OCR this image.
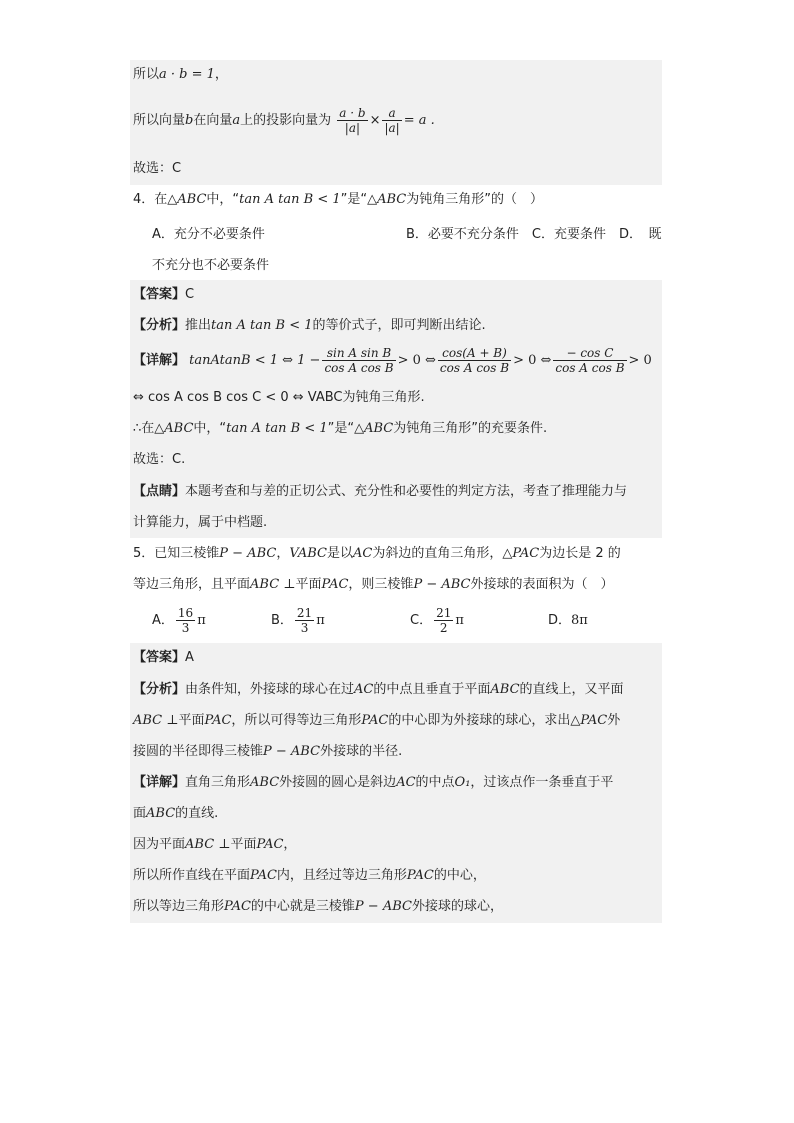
所以a · b = 1，
所以向量b在向量a上的投影向量为 $\frac{a \cdot b}{|a|} \times \frac{a}{|a|} = a$ .
故选：C
4．在△ABC中，“tan A tan B < 1”是“△ABC为钝角三角形”的（　）
A．充分不必要条件	B．必要不充分条件　C．充要条件　D．　既
不充分也不必要条件
【答案】C
【分析】推出tan A tan B < 1的等价式子，即可判断出结论.
【详解】 tanAtanB < 1 ⇔ $1 - \frac{\text{sin A sin B}}{\text{cos A cos B}} > 0$ ⇔ $\frac{\cos(A + B)}{\text{cos A cos B}} > 0$ ⇔ $\frac{\text{− cos C}}{\text{cos A cos B}} > 0$
⇔ cos A cos B cos C < 0 ⇔ VABC为钝角三角形.
∴在△ABC中，“tan A tan B < 1”是“△ABC为钝角三角形”的充要条件.
故选：C.
【点睛】本题考查和与差的正切公式、充分性和必要性的判定方法，考查了推理能力与
计算能力，属于中档题.
5．已知三棱锥P − ABC，VABC是以AC为斜边的直角三角形，△PAC为边长是 2 的
等边三角形，且平面ABC ⊥平面PAC，则三棱锥P − ABC外接球的表面积为（　）
A． $\frac{16}{3}$ π	B． $\frac{21}{3}$ π	C． $\frac{21}{2}$ π	D．8π
【答案】A
【分析】由条件知，外接球的球心在过AC的中点且垂直于平面ABC的直线上，又平面
ABC ⊥平面PAC，所以可得等边三角形PAC的中心即为外接球的球心，求出△PAC外
接圆的半径即得三棱锥P − ABC外接球的半径.
【详解】直角三角形ABC外接圆的圆心是斜边AC的中点O₁，过该点作一条垂直于平
面ABC的直线.
因为平面ABC ⊥平面PAC，
所以所作直线在平面PAC内，且经过等边三角形PAC的中心，
所以等边三角形PAC的中心就是三棱锥P − ABC外接球的球心，
